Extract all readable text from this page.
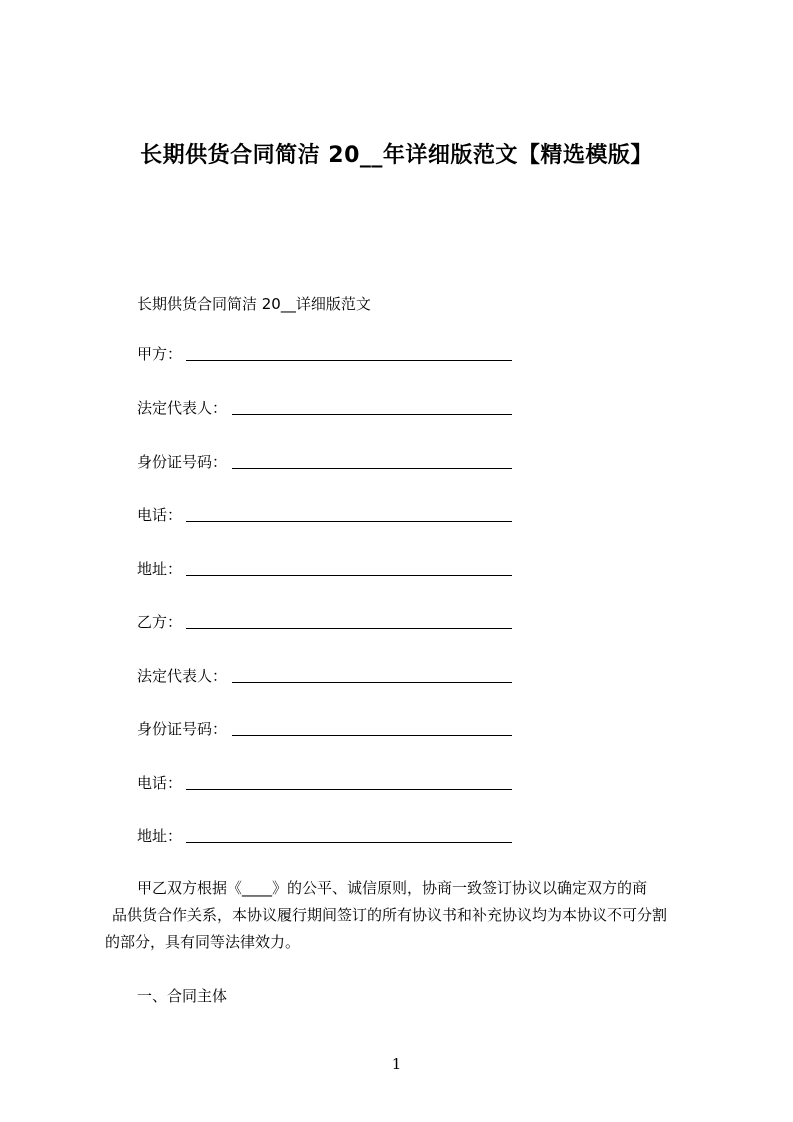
长期供货合同简洁 20__年详细版范文【精选模版】
长期供货合同简洁 20__详细版范文
甲方：
法定代表人：
身份证号码：
电话：
地址：
乙方：
法定代表人：
身份证号码：
电话：
地址：
甲乙双方根据《____》的公平、诚信原则，协商一致签订协议以确定双方的商
品供货合作关系，本协议履行期间签订的所有协议书和补充协议均为本协议不可分割
的部分，具有同等法律效力。
一、合同主体
1
